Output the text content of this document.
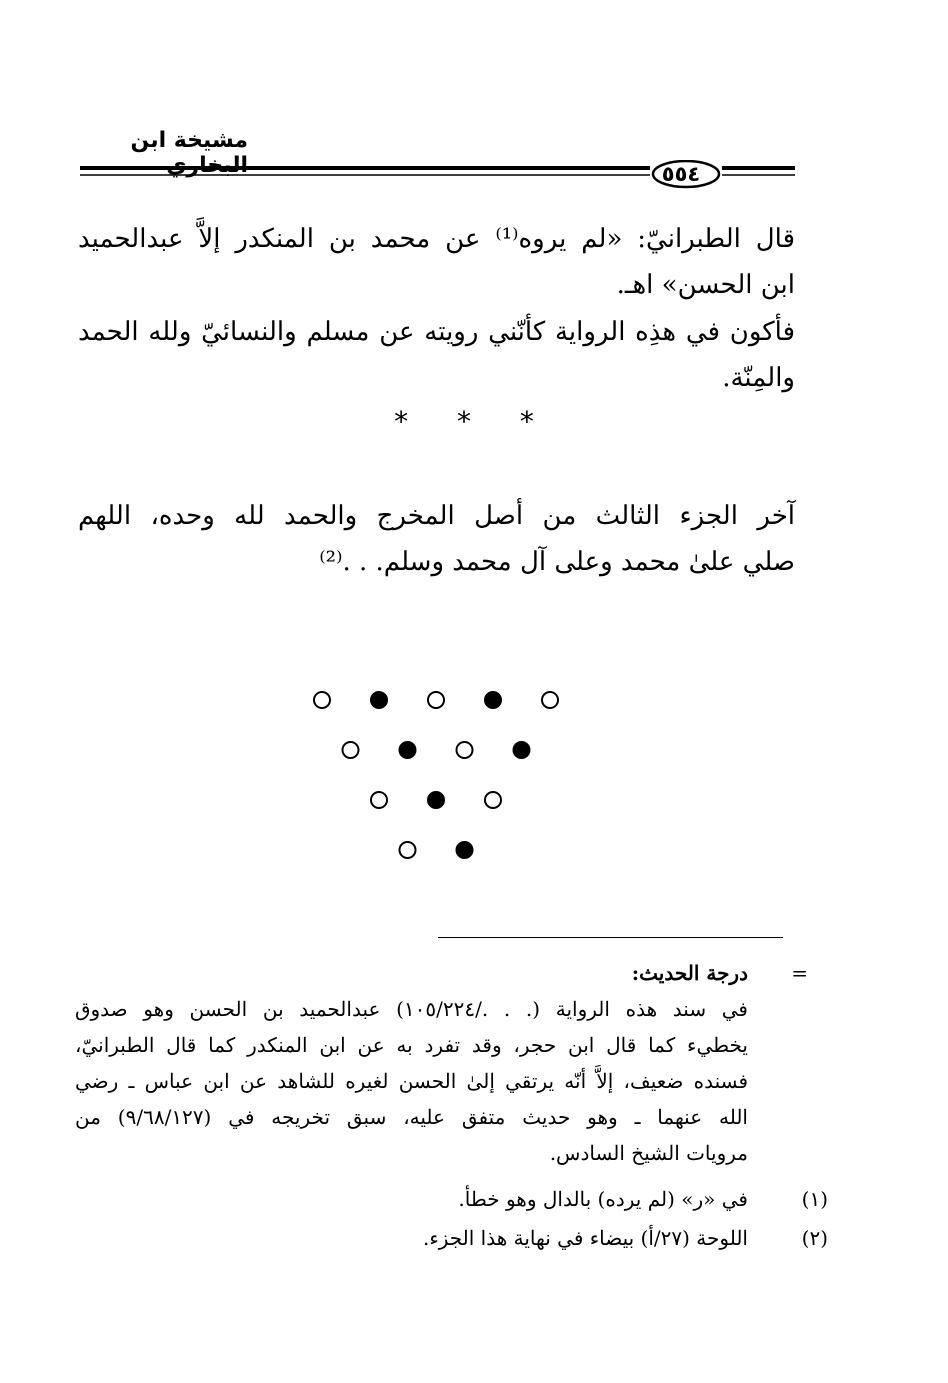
مشيخة ابن البخاري	٥٥٤
قال الطبرانيّ: «لم يروه⁽¹⁾ عن محمد بن المنكدر إلاَّ عبدالحميد
ابن الحسن» اهـ.
فأكون في هذِه الرواية كأنّني رويته عن مسلم والنسائيّ ولله الحمد
والمِنّة.
* * *
آخر الجزء الثالث من أصل المخرج والحمد لله وحده، اللهم
صلي علىٰ محمد وعلى آل محمد وسلم. . .⁽²⁾
=
درجة الحديث:
في سند هذه الرواية (. . ./١٠٥/٢٢٤) عبدالحميد بن الحسن وهو صدوق
يخطيء كما قال ابن حجر، وقد تفرد به عن ابن المنكدر كما قال الطبرانيّ،
فسنده ضعيف، إلاَّ أنّه يرتقي إلىٰ الحسن لغيره للشاهد عن ابن عباس ـ رضي
الله عنهما ـ وهو حديث متفق عليه، سبق تخريجه في (٩/٦٨/١٢٧) من
مرويات الشيخ السادس.
(١)
في «ر» (لم يرده) بالدال وهو خطأ.
(٢)
اللوحة (٢٧/أ) بيضاء في نهاية هذا الجزء.
